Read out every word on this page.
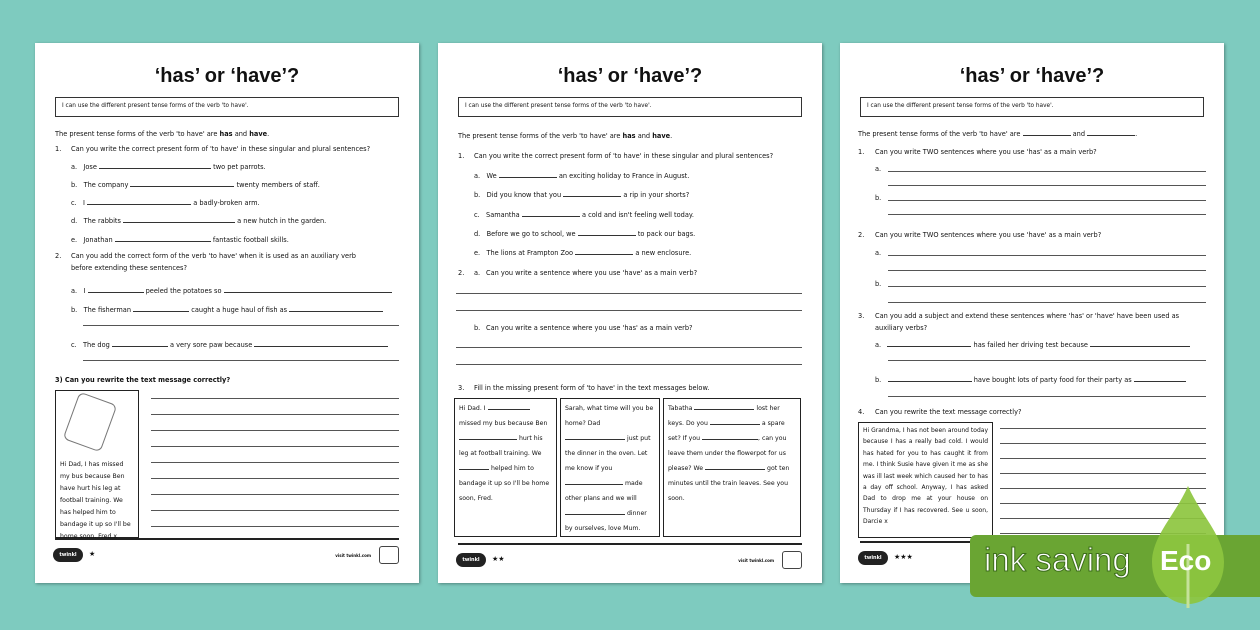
‘has’ or ‘have’?
I can use the different present tense forms of the verb 'to have'.
The present tense forms of the verb 'to have' are has and have.
1. Can you write the correct present form of 'to have' in these singular and plural sentences?
a. Jose	two pet parrots.
b. The company	twenty members of staff.
c. I	a badly-broken arm.
d. The rabbits	a new hutch in the garden.
e. Jonathan	fantastic football skills.
2. Can you add the correct form of the verb 'to have' when it is used as an auxiliary verb
before extending these sentences?
a. I	peeled the potatoes so
b. The fisherman	caught a huge haul of fish as
c. The dog	a very sore paw because
3) Can you rewrite the text message correctly?
Hi Dad, I has missed my bus because Ben have hurt his leg at football training. We has helped him to bandage it up so I'll be home soon, Fred x
twinkl	★	visit twinkl.com
‘has’ or ‘have’?
I can use the different present tense forms of the verb 'to have'.
The present tense forms of the verb 'to have' are has and have.
1. Can you write the correct present form of 'to have' in these singular and plural sentences?
a. We	an exciting holiday to France in August.
b. Did you know that you	a rip in your shorts?
c. Samantha	a cold and isn't feeling well today.
d. Before we go to school, we	to pack our bags.
e. The lions at Frampton Zoo	a new enclosure.
2. a. Can you write a sentence where you use 'have' as a main verb?
b. Can you write a sentence where you use 'has' as a main verb?
3. Fill in the missing present form of 'to have' in the text messages below.
Hi Dad. I  missed my bus because Ben  hurt his leg at football training. We  helped him to bandage it up so I'll be home soon, Fred.
Sarah, what time will you be home? Dad  just put the dinner in the oven. Let me know if you  made other plans and we will  dinner by ourselves, love Mum.
Tabatha	lost her keys. Do you	a spare set? If you	, can you leave them under the flowerpot for us please? We	got ten minutes until the train leaves. See you soon.
twinkl	★★	visit twinkl.com
‘has’ or ‘have’?
I can use the different present tense forms of the verb 'to have'.
The present tense forms of the verb 'to have' are	and	.
1. Can you write TWO sentences where you use 'has' as a main verb?
a.
b.
2. Can you write TWO sentences where you use 'have' as a main verb?
a.
b.
3. Can you add a subject and extend these sentences where 'has' or 'have' have been used as
auxiliary verbs?
a.	has failed her driving test because
b.	have bought lots of party food for their party as
4. Can you rewrite the text message correctly?
Hi Grandma, I has not been around today because I has a really bad cold. I would has hated for you to has caught it from me. I think Susie have given it me as she was ill last week which caused her to has a day off school. Anyway, I has asked Dad to drop me at your house on Thursday if I has recovered. See u soon, Darcie x
twinkl	★★★ ink saving Eco
